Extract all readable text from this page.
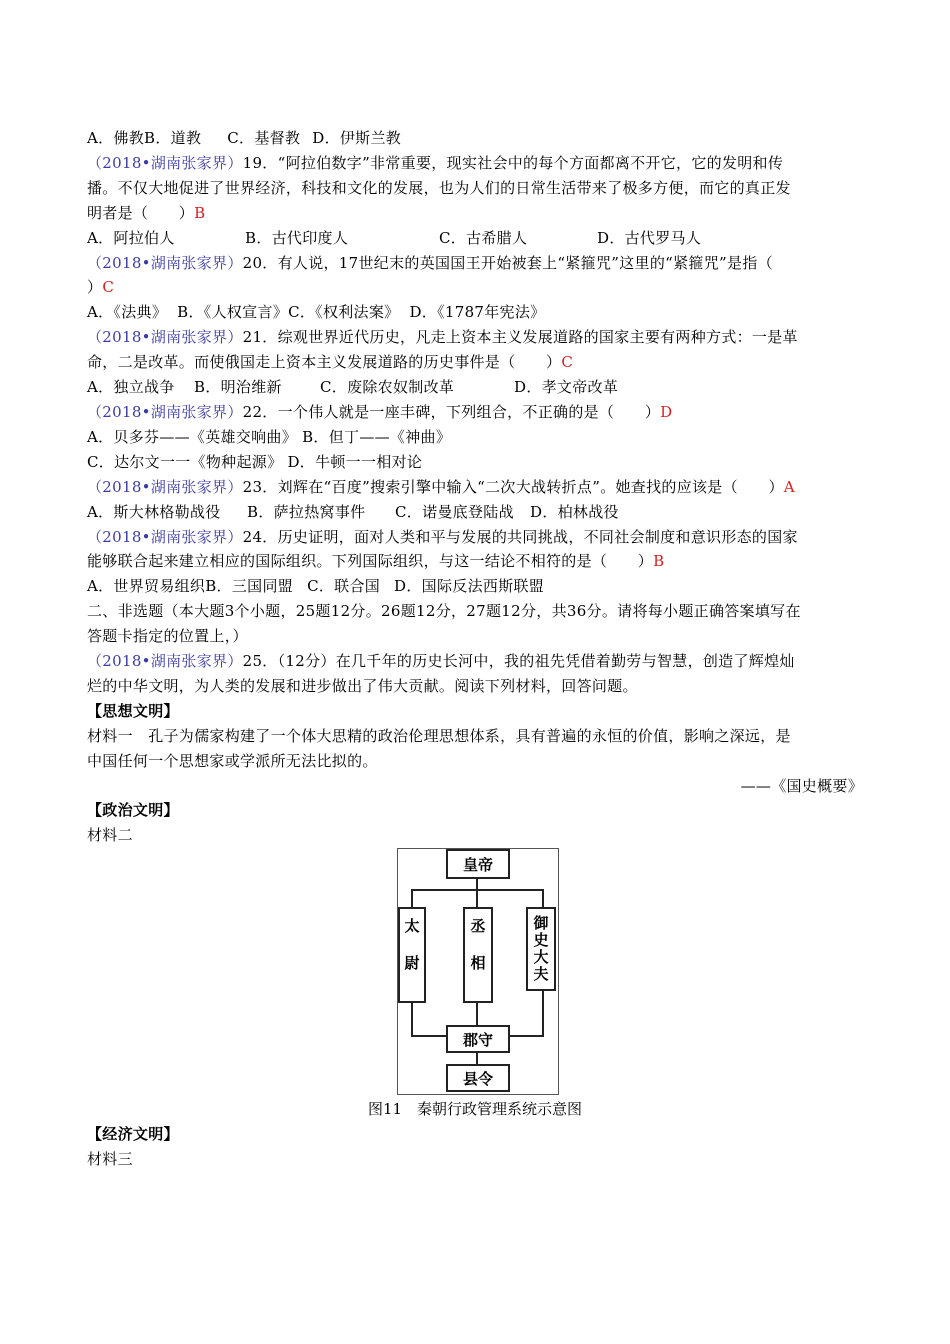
A．佛教B．道教 C．基督教 D．伊斯兰教
（2018•湖南张家界）19．“阿拉伯数字”非常重要，现实社会中的每个方面都离不开它，它的发明和传
播。不仅大地促进了世界经济，科技和文化的发展，也为人们的日常生活带来了极多方便，而它的真正发
明者是（　　）B
A．阿拉伯人	B．古代印度人	C．古希腊人	D．古代罗马人
（2018•湖南张家界）20．有人说，17世纪末的英国国王开始被套上“紧箍咒”这里的“紧箍咒”是指（
）C
A．《法典》 B．《人权宣言》C．《权利法案》 D．《1787年宪法》
（2018•湖南张家界）21．综观世界近代历史，凡走上资本主义发展道路的国家主要有两种方式：一是革
命，二是改革。而使俄国走上资本主义发展道路的历史事件是（　　）C
A．独立战争 B．明治维新	C．废除农奴制改革	D．孝文帝改革
（2018•湖南张家界）22．一个伟人就是一座丰碑，下列组合，不正确的是（　　）D
A．贝多芬——《英雄交响曲》 B．但丁——《神曲》
C．达尔文一一《物种起源》 D．牛顿一一相对论
（2018•湖南张家界）23．刘辉在“百度”搜索引擎中输入“二次大战转折点”。她查找的应该是（　　）A
A．斯大林格勒战役 B．萨拉热窝事件 C．诺曼底登陆战 D．柏林战役
（2018•湖南张家界）24．历史证明，面对人类和平与发展的共同挑战，不同社会制度和意识形态的国家
能够联合起来建立相应的国际组织。下列国际组织，与这一结论不相符的是（　　）B
A．世界贸易组织B．三国同盟 C．联合国 D．国际反法西斯联盟
二、非选题（本大题3个小题，25题12分。26题12分，27题12分，共36分。请将每小题正确答案填写在
答题卡指定的位置上，）
（2018•湖南张家界）25．（12分）在几千年的历史长河中，我的祖先凭借着勤劳与智慧，创造了辉煌灿
烂的中华文明，为人类的发展和进步做出了伟大贡献。阅读下列材料，回答问题。
【思想文明】
材料一　孔子为儒家构建了一个体大思精的政治伦理思想体系，具有普遍的永恒的价值，影响之深远，是
中国任何一个思想家或学派所无法比拟的。
——《国史概要》
【政治文明】
材料二
皇帝
太尉	丞相	御史大夫
郡守
县令
图11　秦朝行政管理系统示意图
【经济文明】
材料三
